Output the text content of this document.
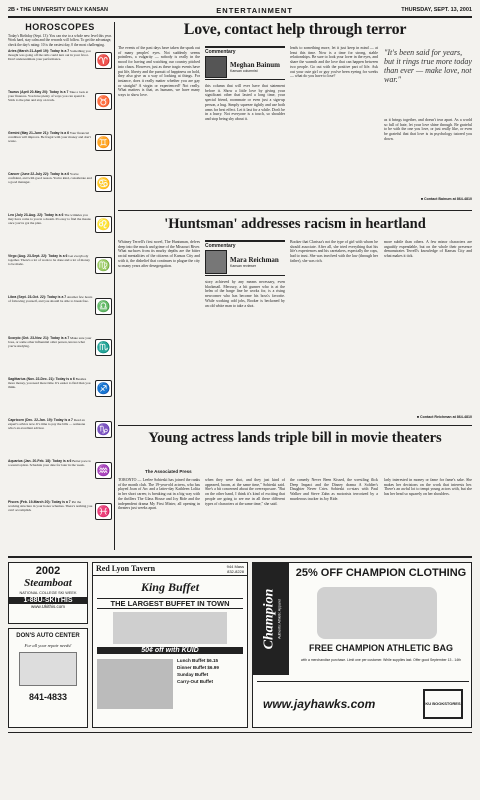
2B • THE UNIVERSITY DAILY KANSAN	ENTERTAINMENT	THURSDAY, SEPT. 13, 2001
HOROSCOPES

Today's Birthday (Sept. 13): You can rise to a whole new level this year. Work hard, stay calm and the rewards will follow. To get the advantage, check the day's rating: 10 is the easiest day, 0 the most challenging.

Aries (March 21-April 19): Today is a 7 Something you thought was going off the rails could turn out in your favor. Don't underestimate your performance.	♈
Taurus (April 20-May 20): Today is a 7 Take a look at your finances. You have plenty of ways you can spend it. Stick to the plan and stay on track.	♉
Gemini (May 21-June 21): Today is a 6 Your financial condition will improve. Be frugal with your money and don't waste.	♊
Cancer (June 22-July 22): Today is a 6 You're confident, and with good reason. You're kind, considerate and a good manager.	♋
Leo (July 23-Aug. 22): Today is a 6 The wrinkles you may have come to you in a dream. It's easy to find the means once you've got the plan.	♌
Virgo (Aug. 23-Sept. 22): Today is a 6 Get everybody together. There's a lot of work to be done and a lot of money to be made.	♍
Libra (Sept. 23-Oct. 22): Today is a 7 Another few hours of following yourself, and you should be able to break free. ♎
Scorpio (Oct. 23-Nov. 21): Today is a 7 Make sure your boss, or some other influential older person, knows what you're studying.	♏
Sagittarius (Nov. 22-Dec. 21): Today is a 6 Besides more money, you need more time. It's easier to find than you think.	♐
Capricorn (Dec. 22-Jan. 19): Today is a 7 Read an expert's advice now. It's time to pay the bills — someone who's an excellent advisor.	♑
Aquarius (Jan. 20-Feb. 18): Today is a 6 Better pace is a sound option. Schedule your date for later in the week.	♒
Pisces (Feb. 19-March 20): Today is a 7 Put the working structure in your honor schemes. There's nothing you can't accomplish.	♓
Love, contact help through terror
The events of the past days have taken the spark out of many peoples' eyes. Not suddenly seems pointless, a vulgarity — nobody is really in the mood for having and watching our country pitched into chaos. However, just as these tragic events have put life, liberty and the pursuit of happiness on hold, they also give us a way of looking at things. For instance, does it really matter whether you are gay or straight? A virgin or experienced? Not really. What matters is that, as humans, we have many ways to show love.
Commentary
Meghan Bainum
Kansan columnist
this column that will ever have that statement before it. Show a little love by giving your significant other that lasted a long time, your special friend, roommate or even just a sign-up person, a hug. Simply squeeze tightly and use both arms for best effect. Let it last for a while. Don't be in a hurry. Not everyone is a touch, so shoulder and stop being shy about it.
leads to something more, let it just keep in mind — at least this time. Now is a time for strong, stable relationships. Be sure to look your lover in the eyes, and share the warmth and the love that can happen between two people. Go out with the positive part of life. Ask out your cute girl or guy you've been eyeing for weeks — what do you have to lose?
"It's been said for years, but it rings true more today than ever — make love, not war."
as it brings together, and doesn't tear apart. As a world so full of hate, let your love shine through. Be grateful to be with the one you love, or just really like, or even be grateful that that love is in psychology tutored you down.
■ Contact Bainum at 864-4810
'Huntsman' addresses racism in heartland
Whitney Terrell's first novel, The Huntsman, delves deep into the muck and grime of the Missouri River. What surfaces from its murky depths are the bitter racial mentalities of the citizens of Kansas City and with it, the disbelief that continues to plague the city so many years after desegregation.
Commentary
Mara Reichman
Kansan reviewer
story achieved by any means necessary, even blackmail. Mercury, a hit gunner who is at the helm of the barge line he works for, is a rising newcomer who has become his boss's favorite. While working odd jobs, Booker is beckoned by an old white man to take a shot.
Booker that Clarissa's not the type of girl with whom he should associate. After all, she tried everything that his life's experiences and his caretakers, especially the cops, had to trust. She was involved with the law (through her father), she was rich.
more subtle than others. A few minor characters are arguably expendable, but on the whole their presence demonstrates Terrell's knowledge of Kansas City and what makes it tick.
■ Contact Reichman at 864-4810
Young actress lands triple bill in movie theaters
The Associated Press
TORONTO — Leelee Sobieski has joined the ranks of the month club. The 19-year-old actress, who has played Joan of Arc and a latter-day Kathleen Lolita in her short career, is breaking out in a big way with the thrillers The Glass House and Joy Ride and the independent drama My First Mister, all opening in theaters just weeks apart.
when they were shot, and they just kind of appeared, boom, at the same time," Sobieski said. She's a bit concerned about the overexposure. "But on the other hand, I think it's kind of exciting that people are going to see me in all these different types of characters at the same time," she said.
the comedy Never Been Kissed, the wrestling flick Deep Impact and the Disney drama A Soldier's Daughter Never Cries. Sobieski co-stars with Paul Walker and Steve Zahn as motorists terrorized by a murderous trucker in Joy Ride.
larly interested in money or fame for fame's sake. She makes her decisions on the work that interests her. There's an awful lot to tempt young actors with, but she has her head so squarely on her shoulders.
2002
Steamboat
NATIONAL COLLEGE SKI WEEK
1-88U-SKITHIS
www.Ukithis.com
DON'S AUTO CENTER
For all your repair needs!
841-4833
Red Lyon Tavern	944 Mass
832-8228
King Buffet
THE LARGEST BUFFET IN TOWN
50¢ off with KUID
Lunch Buffet $6.15
Dinner Buffet $6.99
Sunday Buffet
Carry-Out Buffet
Champion Authentic Athletic Apparel
25% OFF CHAMPION CLOTHING
FREE CHAMPION ATHLETIC BAG
with a merchandise purchase. Limit one per customer. While supplies last. Offer good September 13 - 14th
www.jayhawks.com	KU BOOKSTORES
